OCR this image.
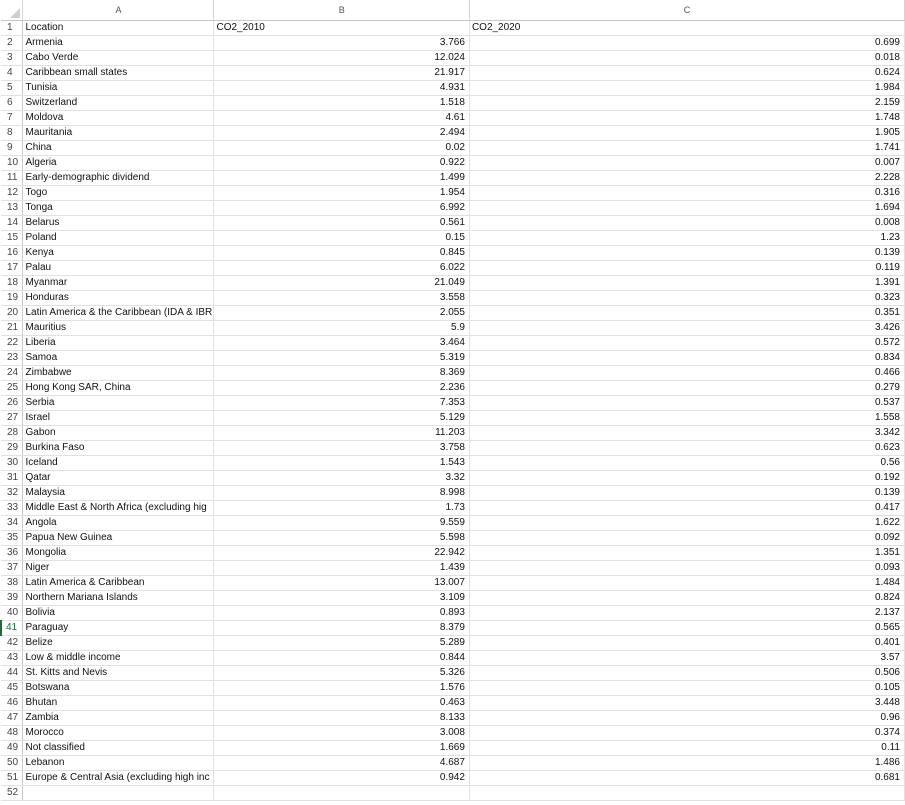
	A	B	C
1	Location	CO2_2010	CO2_2020
2	Armenia	3.766	0.699
3	Cabo Verde	12.024	0.018
4	Caribbean small states	21.917	0.624
5	Tunisia	4.931	1.984
6	Switzerland	1.518	2.159
7	Moldova	4.61	1.748
8	Mauritania	2.494	1.905
9	China	0.02	1.741
10	Algeria	0.922	0.007
11	Early-demographic dividend	1.499	2.228
12	Togo	1.954	0.316
13	Tonga	6.992	1.694
14	Belarus	0.561	0.008
15	Poland	0.15	1.23
16	Kenya	0.845	0.139
17	Palau	6.022	0.119
18	Myanmar	21.049	1.391
19	Honduras	3.558	0.323
20	Latin America & the Caribbean (IDA & IBR	2.055	0.351
21	Mauritius	5.9	3.426
22	Liberia	3.464	0.572
23	Samoa	5.319	0.834
24	Zimbabwe	8.369	0.466
25	Hong Kong SAR, China	2.236	0.279
26	Serbia	7.353	0.537
27	Israel	5.129	1.558
28	Gabon	11.203	3.342
29	Burkina Faso	3.758	0.623
30	Iceland	1.543	0.56
31	Qatar	3.32	0.192
32	Malaysia	8.998	0.139
33	Middle East & North Africa (excluding hig	1.73	0.417
34	Angola	9.559	1.622
35	Papua New Guinea	5.598	0.092
36	Mongolia	22.942	1.351
37	Niger	1.439	0.093
38	Latin America & Caribbean	13.007	1.484
39	Northern Mariana Islands	3.109	0.824
40	Bolivia	0.893	2.137
41	Paraguay	8.379	0.565
42	Belize	5.289	0.401
43	Low & middle income	0.844	3.57
44	St. Kitts and Nevis	5.326	0.506
45	Botswana	1.576	0.105
46	Bhutan	0.463	3.448
47	Zambia	8.133	0.96
48	Morocco	3.008	0.374
49	Not classified	1.669	0.11
50	Lebanon	4.687	1.486
51	Europe & Central Asia (excluding high inc	0.942	0.681
52			
